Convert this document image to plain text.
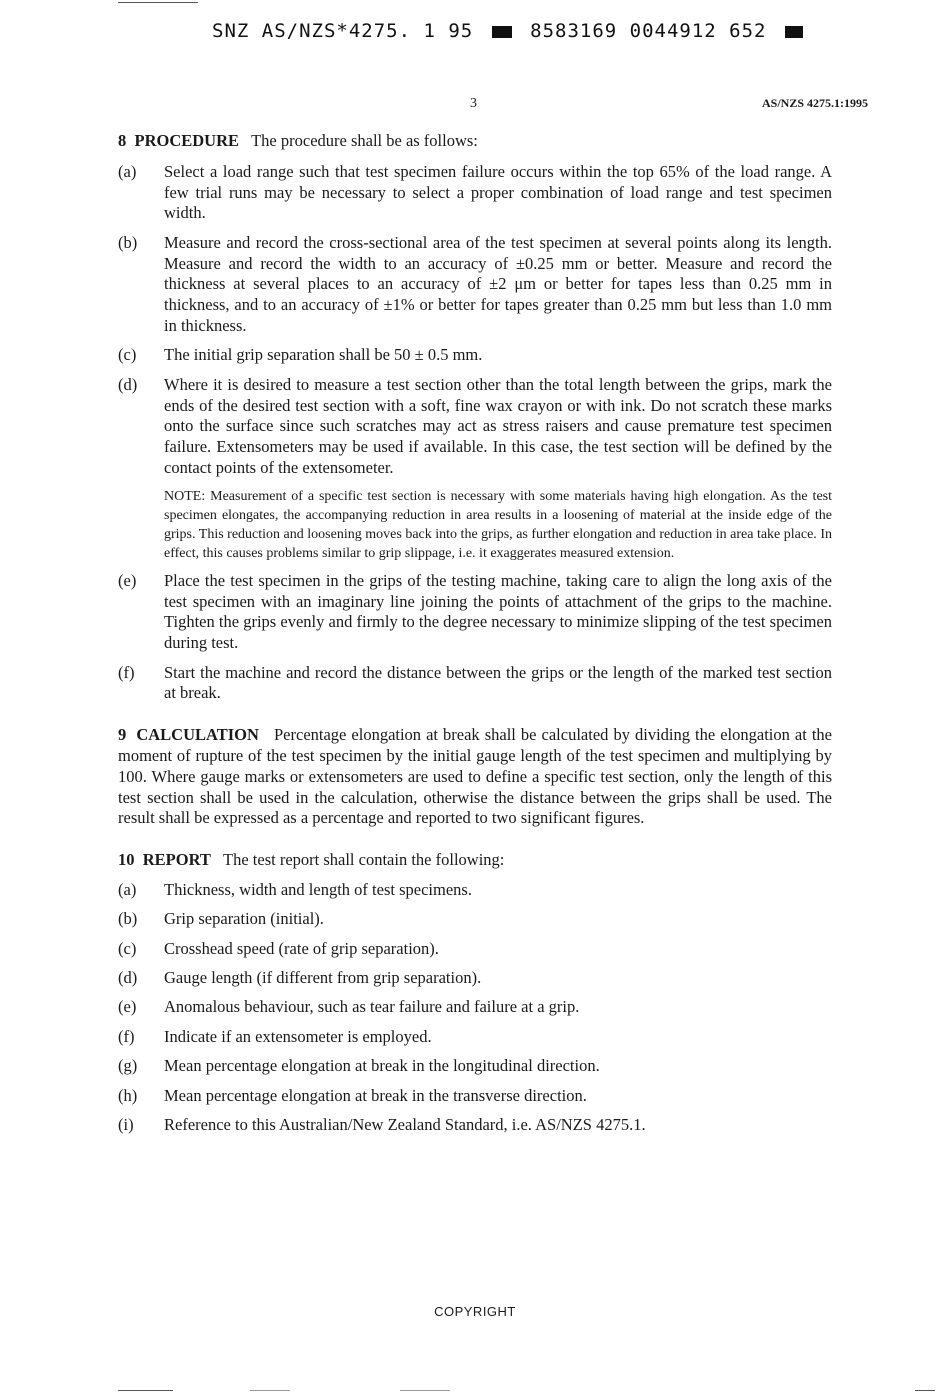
SNZ AS/NZS*4275. 1 95	8583169 0044912 652
3	AS/NZS 4275.1:1995

8 PROCEDURE The procedure shall be as follows:

(a) Select a load range such that test specimen failure occurs within the top 65% of the load range. A few trial runs may be necessary to select a proper combination of load range and test specimen width.

(b) Measure and record the cross-sectional area of the test specimen at several points along its length. Measure and record the width to an accuracy of ±0.25 mm or better. Measure and record the thickness at several places to an accuracy of ±2 μm or better for tapes less than 0.25 mm in thickness, and to an accuracy of ±1% or better for tapes greater than 0.25 mm but less than 1.0 mm in thickness.

(c) The initial grip separation shall be 50 ± 0.5 mm.

(d) Where it is desired to measure a test section other than the total length between the grips, mark the ends of the desired test section with a soft, fine wax crayon or with ink. Do not scratch these marks onto the surface since such scratches may act as stress raisers and cause premature test specimen failure. Extensometers may be used if available. In this case, the test section will be defined by the contact points of the extensometer.

NOTE: Measurement of a specific test section is necessary with some materials having high elongation. As the test specimen elongates, the accompanying reduction in area results in a loosening of material at the inside edge of the grips. This reduction and loosening moves back into the grips, as further elongation and reduction in area take place. In effect, this causes problems similar to grip slippage, i.e. it exaggerates measured extension.

(e) Place the test specimen in the grips of the testing machine, taking care to align the long axis of the test specimen with an imaginary line joining the points of attachment of the grips to the machine. Tighten the grips evenly and firmly to the degree necessary to minimize slipping of the test specimen during test.

(f) Start the machine and record the distance between the grips or the length of the marked test section at break.

9 CALCULATION Percentage elongation at break shall be calculated by dividing the elongation at the moment of rupture of the test specimen by the initial gauge length of the test specimen and multiplying by 100. Where gauge marks or extensometers are used to define a specific test section, only the length of this test section shall be used in the calculation, otherwise the distance between the grips shall be used. The result shall be expressed as a percentage and reported to two significant figures.

10 REPORT The test report shall contain the following:

(a) Thickness, width and length of test specimens.

(b) Grip separation (initial).

(c) Crosshead speed (rate of grip separation).

(d) Gauge length (if different from grip separation).

(e) Anomalous behaviour, such as tear failure and failure at a grip.

(f) Indicate if an extensometer is employed.

(g) Mean percentage elongation at break in the longitudinal direction.

(h) Mean percentage elongation at break in the transverse direction.

(i) Reference to this Australian/New Zealand Standard, i.e. AS/NZS 4275.1.

COPYRIGHT
